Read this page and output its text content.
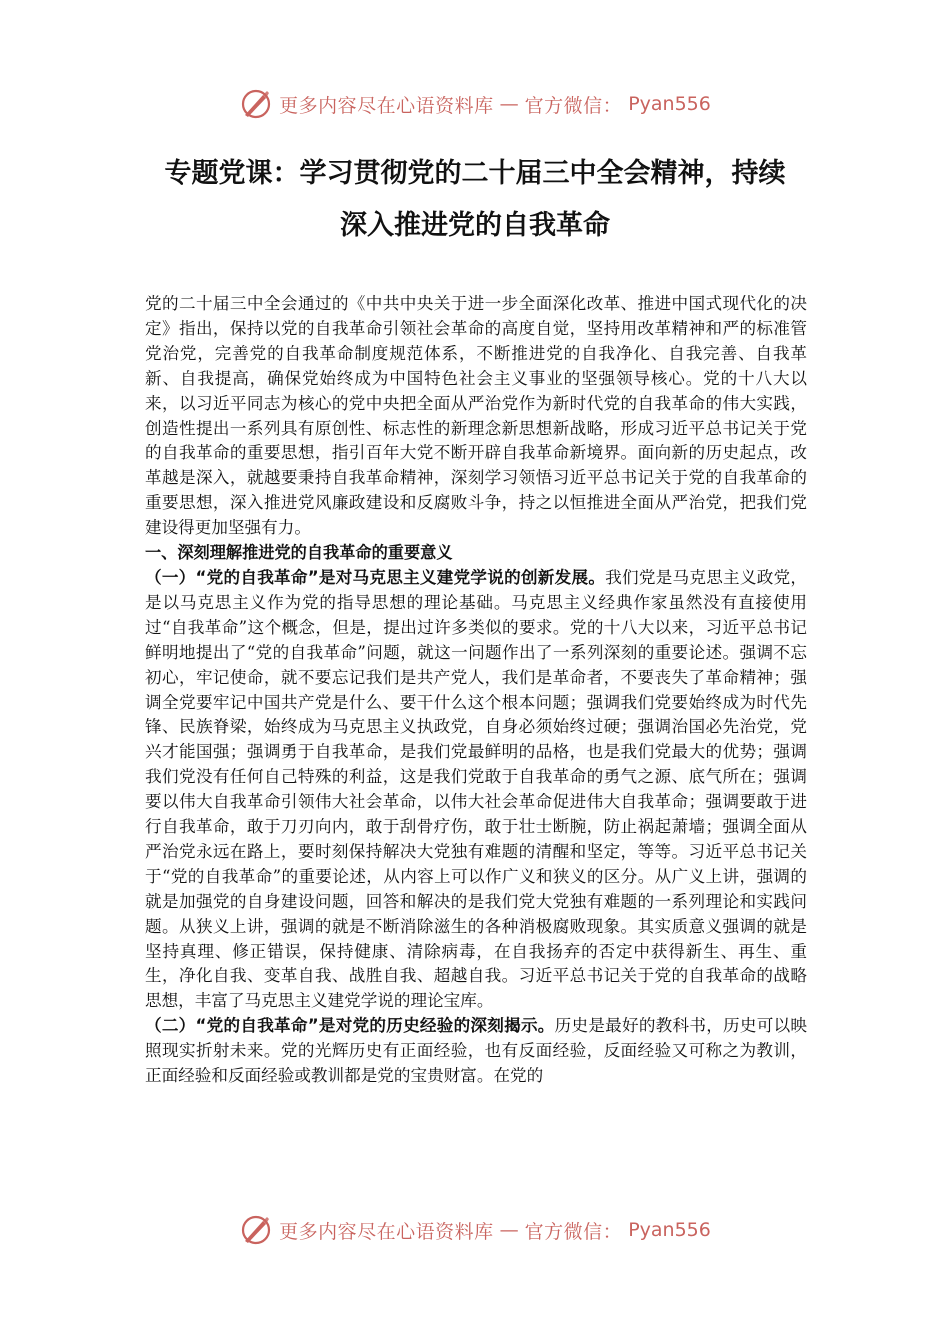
更多内容尽在心语资料库 — 官方微信： Pyan556
专题党课：学习贯彻党的二十届三中全会精神，持续
深入推进党的自我革命

党的二十届三中全会通过的《中共中央关于进一步全面深化改革、推进中国式现代化的决定》指出，保持以党的自我革命引领社会革命的高度自觉，坚持用改革精神和严的标准管党治党，完善党的自我革命制度规范体系，不断推进党的自我净化、自我完善、自我革新、自我提高，确保党始终成为中国特色社会主义事业的坚强领导核心。党的十八大以来，以习近平同志为核心的党中央把全面从严治党作为新时代党的自我革命的伟大实践，创造性提出一系列具有原创性、标志性的新理念新思想新战略，形成习近平总书记关于党的自我革命的重要思想，指引百年大党不断开辟自我革命新境界。面向新的历史起点，改革越是深入，就越要秉持自我革命精神，深刻学习领悟习近平总书记关于党的自我革命的重要思想，深入推进党风廉政建设和反腐败斗争，持之以恒推进全面从严治党，把我们党建设得更加坚强有力。

一、深刻理解推进党的自我革命的重要意义

（一）“党的自我革命”是对马克思主义建党学说的创新发展。我们党是马克思主义政党，是以马克思主义作为党的指导思想的理论基础。马克思主义经典作家虽然没有直接使用过“自我革命”这个概念，但是，提出过许多类似的要求。党的十八大以来，习近平总书记鲜明地提出了“党的自我革命”问题，就这一问题作出了一系列深刻的重要论述。强调不忘初心，牢记使命，就不要忘记我们是共产党人，我们是革命者，不要丧失了革命精神；强调全党要牢记中国共产党是什么、要干什么这个根本问题；强调我们党要始终成为时代先锋、民族脊梁，始终成为马克思主义执政党，自身必须始终过硬；强调治国必先治党，党兴才能国强；强调勇于自我革命，是我们党最鲜明的品格，也是我们党最大的优势；强调我们党没有任何自己特殊的利益，这是我们党敢于自我革命的勇气之源、底气所在；强调要以伟大自我革命引领伟大社会革命，以伟大社会革命促进伟大自我革命；强调要敢于进行自我革命，敢于刀刃向内，敢于刮骨疗伤，敢于壮士断腕，防止祸起萧墙；强调全面从严治党永远在路上，要时刻保持解决大党独有难题的清醒和坚定，等等。习近平总书记关于“党的自我革命”的重要论述，从内容上可以作广义和狭义的区分。从广义上讲，强调的就是加强党的自身建设问题，回答和解决的是我们党大党独有难题的一系列理论和实践问题。从狭义上讲，强调的就是不断消除滋生的各种消极腐败现象。其实质意义强调的就是坚持真理、修正错误，保持健康、清除病毒，在自我扬弃的否定中获得新生、再生、重生，净化自我、变革自我、战胜自我、超越自我。习近平总书记关于党的自我革命的战略思想，丰富了马克思主义建党学说的理论宝库。

（二）“党的自我革命”是对党的历史经验的深刻揭示。历史是最好的教科书，历史可以映照现实折射未来。党的光辉历史有正面经验，也有反面经验，反面经验又可称之为教训，正面经验和反面经验或教训都是党的宝贵财富。在党的

更多内容尽在心语资料库 — 官方微信： Pyan556
